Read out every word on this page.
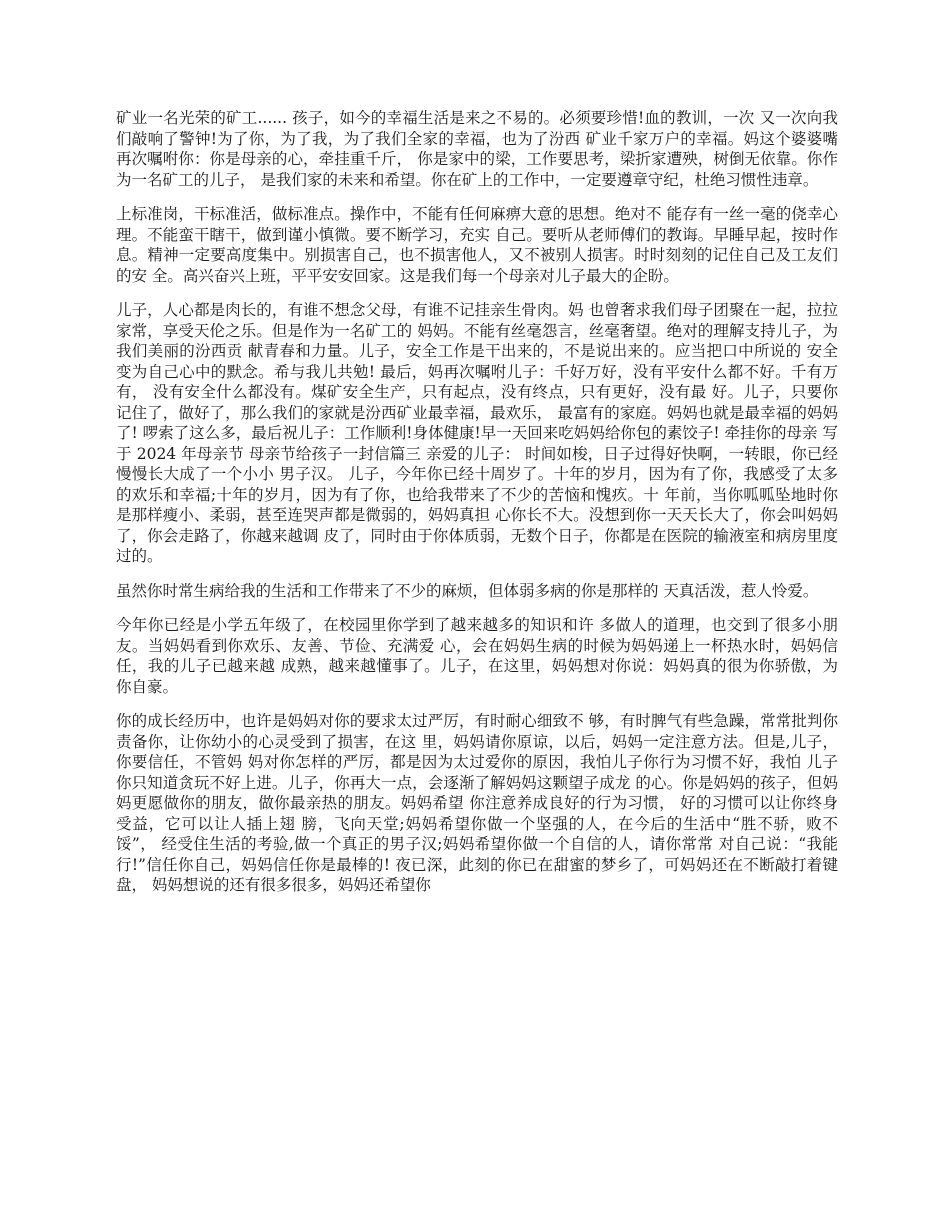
矿业一名光荣的矿工...... 孩子，如今的幸福生活是来之不易的。必须要珍惜!血的教训，一次 又一次向我们敲响了警钟!为了你，为了我，为了我们全家的幸福，也为了汾西 矿业千家万户的幸福。妈这个婆婆嘴再次嘱咐你：你是母亲的心，牵挂重千斤， 你是家中的梁，工作要思考，梁折家遭殃，树倒无依靠。你作为一名矿工的儿子， 是我们家的未来和希望。你在矿上的工作中，一定要遵章守纪，杜绝习惯性违章。

上标准岗，干标准活，做标准点。操作中，不能有任何麻痹大意的思想。绝对不 能存有一丝一毫的侥幸心理。不能蛮干瞎干，做到谨小慎微。要不断学习，充实 自己。要听从老师傅们的教诲。早睡早起，按时作息。精神一定要高度集中。别损害自己，也不损害他人，又不被别人损害。时时刻刻的记住自己及工友们的安 全。高兴奋兴上班，平平安安回家。这是我们每一个母亲对儿子最大的企盼。

儿子，人心都是肉长的，有谁不想念父母，有谁不记挂亲生骨肉。妈 也曾奢求我们母子团聚在一起，拉拉家常，享受天伦之乐。但是作为一名矿工的 妈妈。不能有丝毫怨言，丝毫奢望。绝对的理解支持儿子，为我们美丽的汾西贡 献青春和力量。儿子，安全工作是干出来的，不是说出来的。应当把口中所说的 安全变为自己心中的默念。希与我儿共勉! 最后，妈再次嘱咐儿子：千好万好，没有平安什么都不好。千有万有， 没有安全什么都没有。煤矿安全生产，只有起点，没有终点，只有更好，没有最 好。儿子，只要你记住了，做好了，那么我们的家就是汾西矿业最幸福，最欢乐， 最富有的家庭。妈妈也就是最幸福的妈妈了! 啰索了这么多，最后祝儿子：工作顺利!身体健康!早一天回来吃妈妈给你包的素饺子! 牵挂你的母亲 写于 2024 年母亲节 母亲节给孩子一封信篇三 亲爱的儿子： 时间如梭，日子过得好快啊，一转眼，你已经慢慢长大成了一个小小 男子汉。 儿子，今年你已经十周岁了。十年的岁月，因为有了你，我感受了太多 的欢乐和幸福;十年的岁月，因为有了你，也给我带来了不少的苦恼和愧疚。十 年前，当你呱呱坠地时你是那样瘦小、柔弱，甚至连哭声都是微弱的，妈妈真担 心你长不大。没想到你一天天长大了，你会叫妈妈了，你会走路了，你越来越调 皮了，同时由于你体质弱，无数个日子，你都是在医院的输液室和病房里度过的。

虽然你时常生病给我的生活和工作带来了不少的麻烦，但体弱多病的你是那样的 天真活泼，惹人怜爱。

今年你已经是小学五年级了，在校园里你学到了越来越多的知识和许 多做人的道理，也交到了很多小朋友。当妈妈看到你欢乐、友善、节俭、充满爱 心，会在妈妈生病的时候为妈妈递上一杯热水时，妈妈信任，我的儿子已越来越 成熟，越来越懂事了。儿子，在这里，妈妈想对你说：妈妈真的很为你骄傲，为 你自豪。

你的成长经历中，也许是妈妈对你的要求太过严厉，有时耐心细致不 够，有时脾气有些急躁，常常批判你责备你，让你幼小的心灵受到了损害，在这 里，妈妈请你原谅，以后，妈妈一定注意方法。但是,儿子，你要信任，不管妈 妈对你怎样的严厉，都是因为太过爱你的原因，我怕儿子你行为习惯不好，我怕 儿子你只知道贪玩不好上进。儿子，你再大一点，会逐渐了解妈妈这颗望子成龙 的心。你是妈妈的孩子，但妈妈更愿做你的朋友，做你最亲热的朋友。妈妈希望 你注意养成良好的行为习惯， 好的习惯可以让你终身受益，它可以让人插上翅 膀，飞向天堂;妈妈希望你做一个坚强的人，在今后的生活中“胜不骄，败不馁”， 经受住生活的考验,做一个真正的男子汉;妈妈希望你做一个自信的人，请你常常 对自己说：“我能行!”信任你自己，妈妈信任你是最棒的! 夜已深，此刻的你已在甜蜜的梦乡了，可妈妈还在不断敲打着键盘， 妈妈想说的还有很多很多，妈妈还希望你
